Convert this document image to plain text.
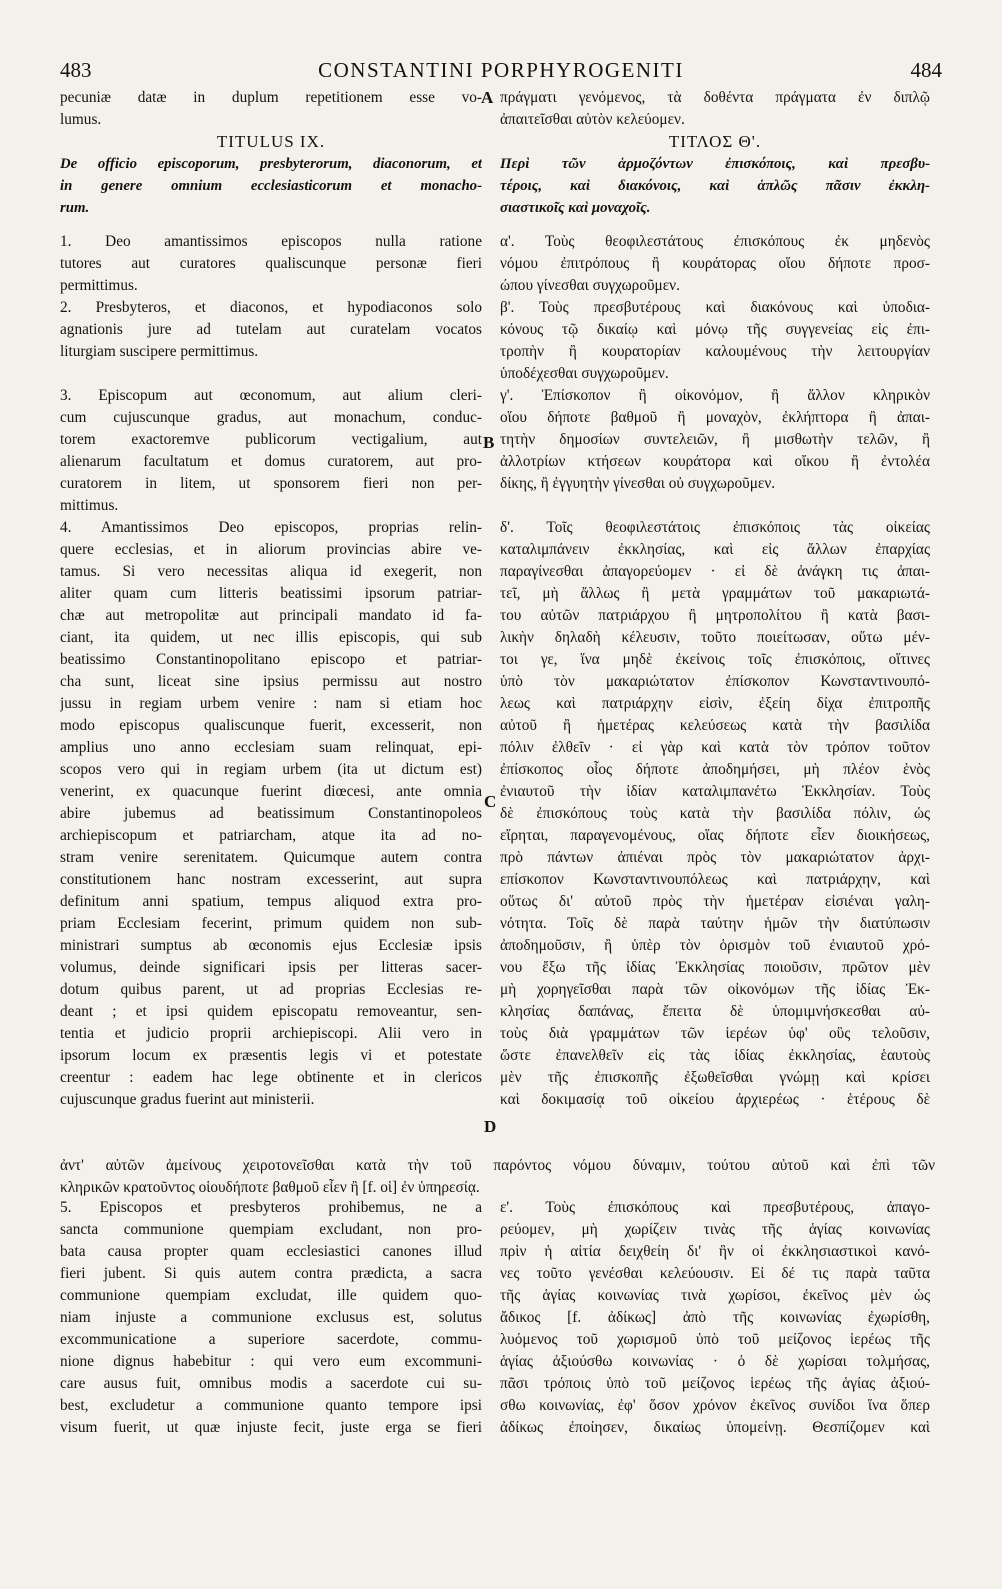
483	CONSTANTINI PORPHYROGENITI	484
pecuniæ datæ in duplum repetitionem esse vo-
lumus.
TITULUS IX.
De officio episcoporum, presbyterorum, diaconorum, et
in genere omnium ecclesiasticorum et monacho-
rum.
1. Deo amantissimos episcopos nulla ratione
tutores aut curatores qualiscunque personæ fieri
permittimus.
2. Presbyteros, et diaconos, et hypodiaconos solo
agnationis jure ad tutelam aut curatelam vocatos
liturgiam suscipere permittimus.
3. Episcopum aut œconomum, aut alium cleri-
cum cujuscunque gradus, aut monachum, conduc-
torem exactoremve publicorum vectigalium, aut
alienarum facultatum et domus curatorem, aut pro-
curatorem in litem, ut sponsorem fieri non per-
mittimus.
4. Amantissimos Deo episcopos, proprias relin-
quere ecclesias, et in aliorum provincias abire ve-
tamus. Si vero necessitas aliqua id exegerit, non
aliter quam cum litteris beatissimi ipsorum patriar-
chæ aut metropolitæ aut principali mandato id fa-
ciant, ita quidem, ut nec illis episcopis, qui sub
beatissimo Constantinopolitano episcopo et patriar-
cha sunt, liceat sine ipsius permissu aut nostro
jussu in regiam urbem venire : nam si etiam hoc
modo episcopus qualiscunque fuerit, excesserit, non
amplius uno anno ecclesiam suam relinquat, epi-
scopos vero qui in regiam urbem (ita ut dictum est)
venerint, ex quacunque fuerint diœcesi, ante omnia
abire jubemus ad beatissimum Constantinopoleos
archiepiscopum et patriarcham, atque ita ad no-
stram venire serenitatem. Quicumque autem contra
constitutionem hanc nostram excesserint, aut supra
definitum anni spatium, tempus aliquod extra pro-
priam Ecclesiam fecerint, primum quidem non sub-
ministrari sumptus ab œconomis ejus Ecclesiæ ipsis
volumus, deinde significari ipsis per litteras sacer-
dotum quibus parent, ut ad proprias Ecclesias re-
deant ; et ipsi quidem episcopatu removeantur, sen-
tentia et judicio proprii archiepiscopi. Alii vero in
ipsorum locum ex præsentis legis vi et potestate
creentur : eadem hac lege obtinente et in clericos
cujuscunque gradus fuerint aut ministerii.
πράγματι γενόμενος, τὰ δοθέντα πράγματα ἐν διπλῷ
ἀπαιτεῖσθαι αὐτὸν κελεύομεν.
ΤΙΤΛΟΣ Θ'.
Περὶ τῶν ἁρμοζόντων ἐπισκόποις, καὶ πρεσβυ-
τέροις, καὶ διακόνοις, καὶ ἁπλῶς πᾶσιν ἐκκλη-
σιαστικοῖς καὶ μοναχοῖς.
α'. Τοὺς θεοφιλεστάτους ἐπισκόπους ἐκ μηδενὸς
νόμου ἐπιτρόπους ἢ κουράτορας οἵου δήποτε προσ-
ώπου γίνεσθαι συγχωροῦμεν.
β'. Τοὺς πρεσβυτέρους καὶ διακόνους καὶ ὑποδια-
κόνους τῷ δικαίῳ καὶ μόνῳ τῆς συγγενείας εἰς ἐπι-
τροπὴν ἢ κουρατορίαν καλουμένους τὴν λειτουργίαν
ὑποδέχεσθαι συγχωροῦμεν.
γ'. Ἐπίσκοπον ἢ οἰκονόμον, ἢ ἄλλον κληρικὸν
οἵου δήποτε βαθμοῦ ἢ μοναχὸν, ἐκλήπτορα ἢ ἀπαι-
τητὴν δημοσίων συντελειῶν, ἢ μισθωτὴν τελῶν, ἢ
ἀλλοτρίων κτήσεων κουράτορα καὶ οἴκου ἢ ἐντολέα
δίκης, ἢ ἐγγυητὴν γίνεσθαι οὐ συγχωροῦμεν.
δ'. Τοῖς θεοφιλεστάτοις ἐπισκόποις τὰς οἰκείας
καταλιμπάνειν ἐκκλησίας, καὶ εἰς ἄλλων ἐπαρχίας
παραγίνεσθαι ἀπαγορεύομεν · εἰ δὲ ἀνάγκη τις ἀπαι-
τεῖ, μὴ ἄλλως ἢ μετὰ γραμμάτων τοῦ μακαριωτά-
του αὐτῶν πατριάρχου ἢ μητροπολίτου ἢ κατὰ βασι-
λικὴν δηλαδὴ κέλευσιν, τοῦτο ποιείτωσαν, οὕτω μέν-
τοι γε, ἵνα μηδὲ ἐκείνοις τοῖς ἐπισκόποις, οἵτινες
ὑπὸ τὸν μακαριώτατον ἐπίσκοπον Κωνσταντινουπό-
λεως καὶ πατριάρχην εἰσὶν, ἐξείη δίχα ἐπιτροπῆς
αὐτοῦ ἢ ἡμετέρας κελεύσεως κατὰ τὴν βασιλίδα
πόλιν ἐλθεῖν · εἰ γὰρ καὶ κατὰ τὸν τρόπον τοῦτον
ἐπίσκοπος οἷος δήποτε ἀποδημήσει, μὴ πλέον ἑνὸς
ἐνιαυτοῦ τὴν ἰδίαν καταλιμπανέτω Ἐκκλησίαν. Τοὺς
δὲ ἐπισκόπους τοὺς κατὰ τὴν βασιλίδα πόλιν, ὡς
εἴρηται, παραγενομένους, οἵας δήποτε εἶεν διοικήσεως,
πρὸ πάντων ἀπιέναι πρὸς τὸν μακαριώτατον ἀρχι-
επίσκοπον Κωνσταντινουπόλεως καὶ πατριάρχην, καὶ
οὕτως δι' αὐτοῦ πρὸς τὴν ἡμετέραν εἰσιέναι γαλη-
νότητα. Τοῖς δὲ παρὰ ταύτην ἡμῶν τὴν διατύπωσιν
ἀποδημοῦσιν, ἢ ὑπὲρ τὸν ὁρισμὸν τοῦ ἐνιαυτοῦ χρό-
νου ἔξω τῆς ἰδίας Ἐκκλησίας ποιοῦσιν, πρῶτον μὲν
μὴ χορηγεῖσθαι παρὰ τῶν οἰκονόμων τῆς ἰδίας Ἐκ-
κλησίας δαπάνας, ἔπειτα δὲ ὑπομιμνήσκεσθαι αὐ-
τοὺς διὰ γραμμάτων τῶν ἱερέων ὑφ' οὓς τελοῦσιν,
ὥστε ἐπανελθεῖν εἰς τὰς ἰδίας ἐκκλησίας, ἑαυτοὺς
μὲν τῆς ἐπισκοπῆς ἐξωθεῖσθαι γνώμῃ καὶ κρίσει
καὶ δοκιμασίᾳ τοῦ οἰκείου ἀρχιερέως · ἑτέρους δὲ
A
B
C
D
ἀντ' αὐτῶν ἀμείνους χειροτονεῖσθαι κατὰ τὴν τοῦ παρόντος νόμου δύναμιν, τούτου αὐτοῦ καὶ ἐπὶ τῶν
κληρικῶν κρατοῦντος οἱουδήποτε βαθμοῦ εἶεν ἢ [f. οἱ] ἐν ὑπηρεσίᾳ.
5. Episcopos et presbyteros prohibemus, ne a
sancta communione quempiam excludant, non pro-
bata causa propter quam ecclesiastici canones illud
fieri jubent. Si quis autem contra prædicta, a sacra
communione quempiam excludat, ille quidem quo-
niam injuste a communione exclusus est, solutus
excommunicatione a superiore sacerdote, commu-
nione dignus habebitur : qui vero eum excommuni-
care ausus fuit, omnibus modis a sacerdote cui su-
best, excludetur a communione quanto tempore ipsi
visum fuerit, ut quæ injuste fecit, juste erga se fieri
ε'. Τοὺς ἐπισκόπους καὶ πρεσβυτέρους, ἀπαγο-
ρεύομεν, μὴ χωρίζειν τινὰς τῆς ἁγίας κοινωνίας
πρὶν ἡ αἰτία δειχθείη δι' ἣν οἱ ἐκκλησιαστικοὶ κανό-
νες τοῦτο γενέσθαι κελεύουσιν. Εἰ δέ τις παρὰ ταῦτα
τῆς ἁγίας κοινωνίας τινὰ χωρίσοι, ἐκεῖνος μὲν ὡς
ἄδικος [f. ἀδίκως] ἀπὸ τῆς κοινωνίας ἐχωρίσθη,
λυόμενος τοῦ χωρισμοῦ ὑπὸ τοῦ μείζονος ἱερέως τῆς
ἁγίας ἀξιούσθω κοινωνίας · ὁ δὲ χωρίσαι τολμήσας,
πᾶσι τρόποις ὑπὸ τοῦ μείζονος ἱερέως τῆς ἁγίας ἀξιού-
σθω κοινωνίας, ἐφ' ὅσον χρόνον ἐκεῖνος συνίδοι ἵνα ὅπερ
ἀδίκως ἐποίησεν, δικαίως ὑπομείνῃ. Θεσπίζομεν καὶ
